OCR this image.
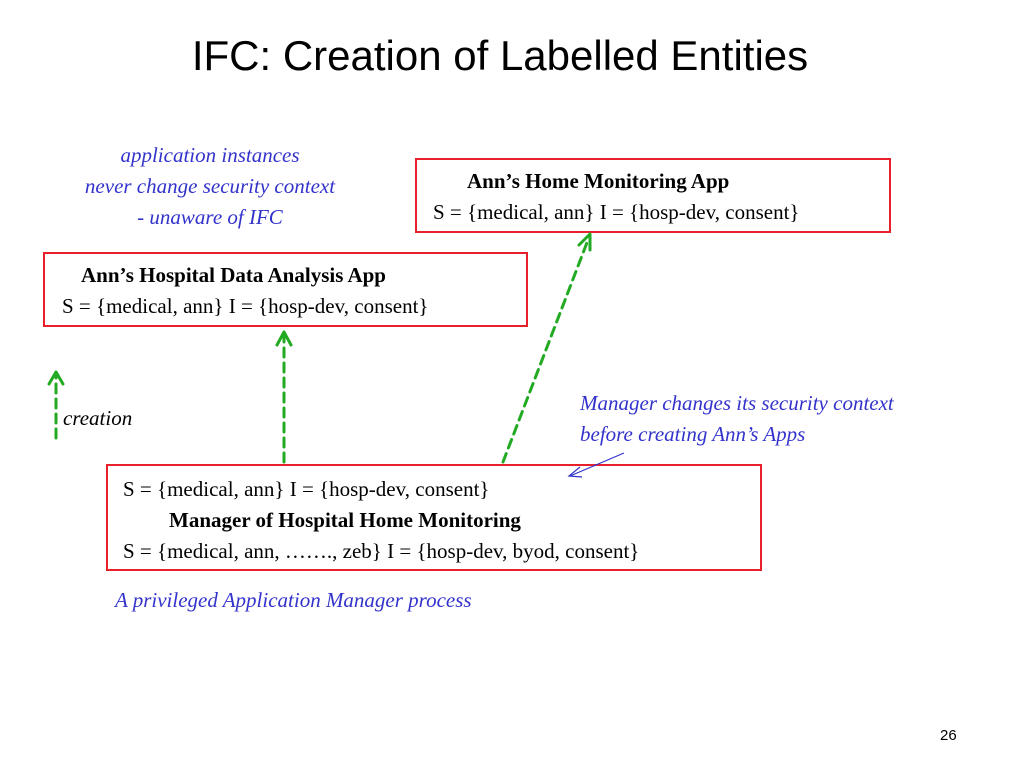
IFC: Creation of Labelled Entities
application instances
never change security context
- unaware of IFC
Ann’s Home Monitoring App
S = {medical, ann} I = {hosp-dev, consent}
Ann’s Hospital Data Analysis App
S = {medical, ann} I = {hosp-dev, consent}
creation
Manager changes its security context
before creating Ann’s Apps
S = {medical, ann} I = {hosp-dev, consent}
Manager of Hospital Home Monitoring
S = {medical, ann, ……., zeb} I = {hosp-dev, byod, consent}
A privileged Application Manager process
26
